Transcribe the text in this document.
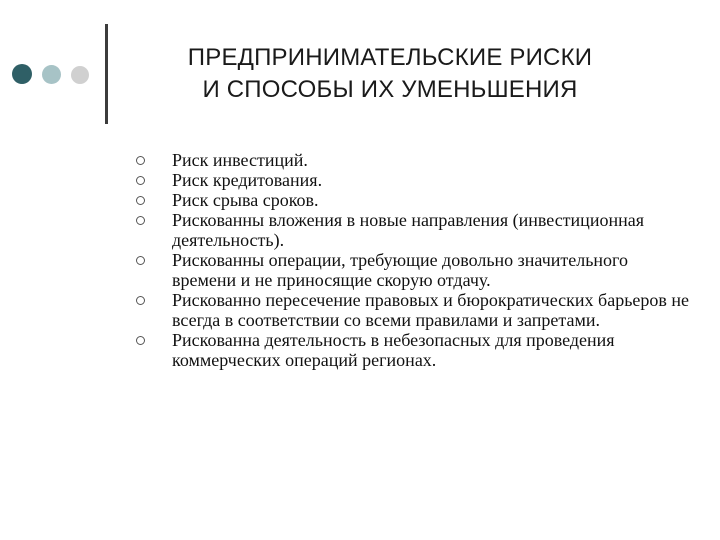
ПРЕДПРИНИМАТЕЛЬСКИЕ РИСКИ
И СПОСОБЫ ИХ УМЕНЬШЕНИЯ
Риск инвестиций.
Риск кредитования.
Риск срыва сроков.
Рискованны вложения в новые направления (инвестиционная деятельность).
Рискованны операции, требующие довольно значительного времени и не приносящие скорую отдачу.
Рискованно пересечение правовых и бюрократических барьеров не всегда в соответствии со всеми правилами и запретами.
Рискованна деятельность в небезопасных для проведения коммерческих операций регионах.
